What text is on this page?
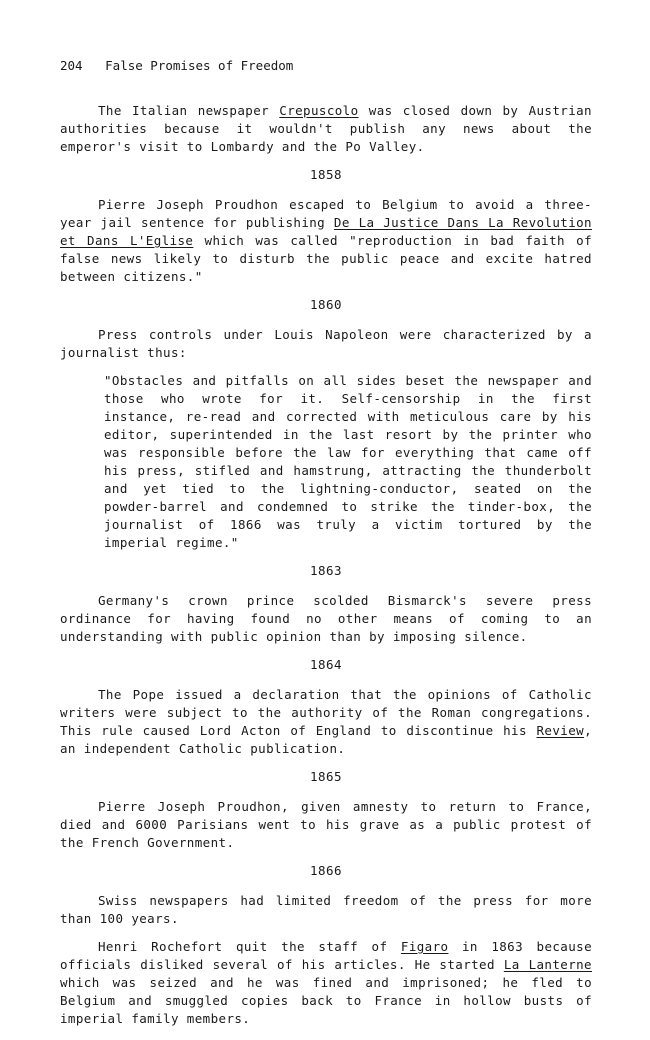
204 False Promises of Freedom

The Italian newspaper Crepuscolo was closed down by Austrian authorities because it wouldn't publish any news about the emperor's visit to Lombardy and the Po Valley.

1858

Pierre Joseph Proudhon escaped to Belgium to avoid a three-year jail sentence for publishing De La Justice Dans La Revolution et Dans L'Eglise which was called "reproduction in bad faith of false news likely to disturb the public peace and excite hatred between citizens."

1860

Press controls under Louis Napoleon were characterized by a journalist thus:

"Obstacles and pitfalls on all sides beset the newspaper and those who wrote for it. Self-censorship in the first instance, re-read and corrected with meticulous care by his editor, superintended in the last resort by the printer who was responsible before the law for everything that came off his press, stifled and hamstrung, attracting the thunderbolt and yet tied to the lightning-conductor, seated on the powder-barrel and condemned to strike the tinder-box, the journalist of 1866 was truly a victim tortured by the imperial regime."

1863

Germany's crown prince scolded Bismarck's severe press ordinance for having found no other means of coming to an understanding with public opinion than by imposing silence.

1864

The Pope issued a declaration that the opinions of Catholic writers were subject to the authority of the Roman congregations. This rule caused Lord Acton of England to discontinue his Review, an independent Catholic publication.

1865

Pierre Joseph Proudhon, given amnesty to return to France, died and 6000 Parisians went to his grave as a public protest of the French Government.

1866

Swiss newspapers had limited freedom of the press for more than 100 years.

Henri Rochefort quit the staff of Figaro in 1863 because officials disliked several of his articles. He started La Lanterne which was seized and he was fined and imprisoned; he fled to Belgium and smuggled copies back to France in hollow busts of imperial family members.
